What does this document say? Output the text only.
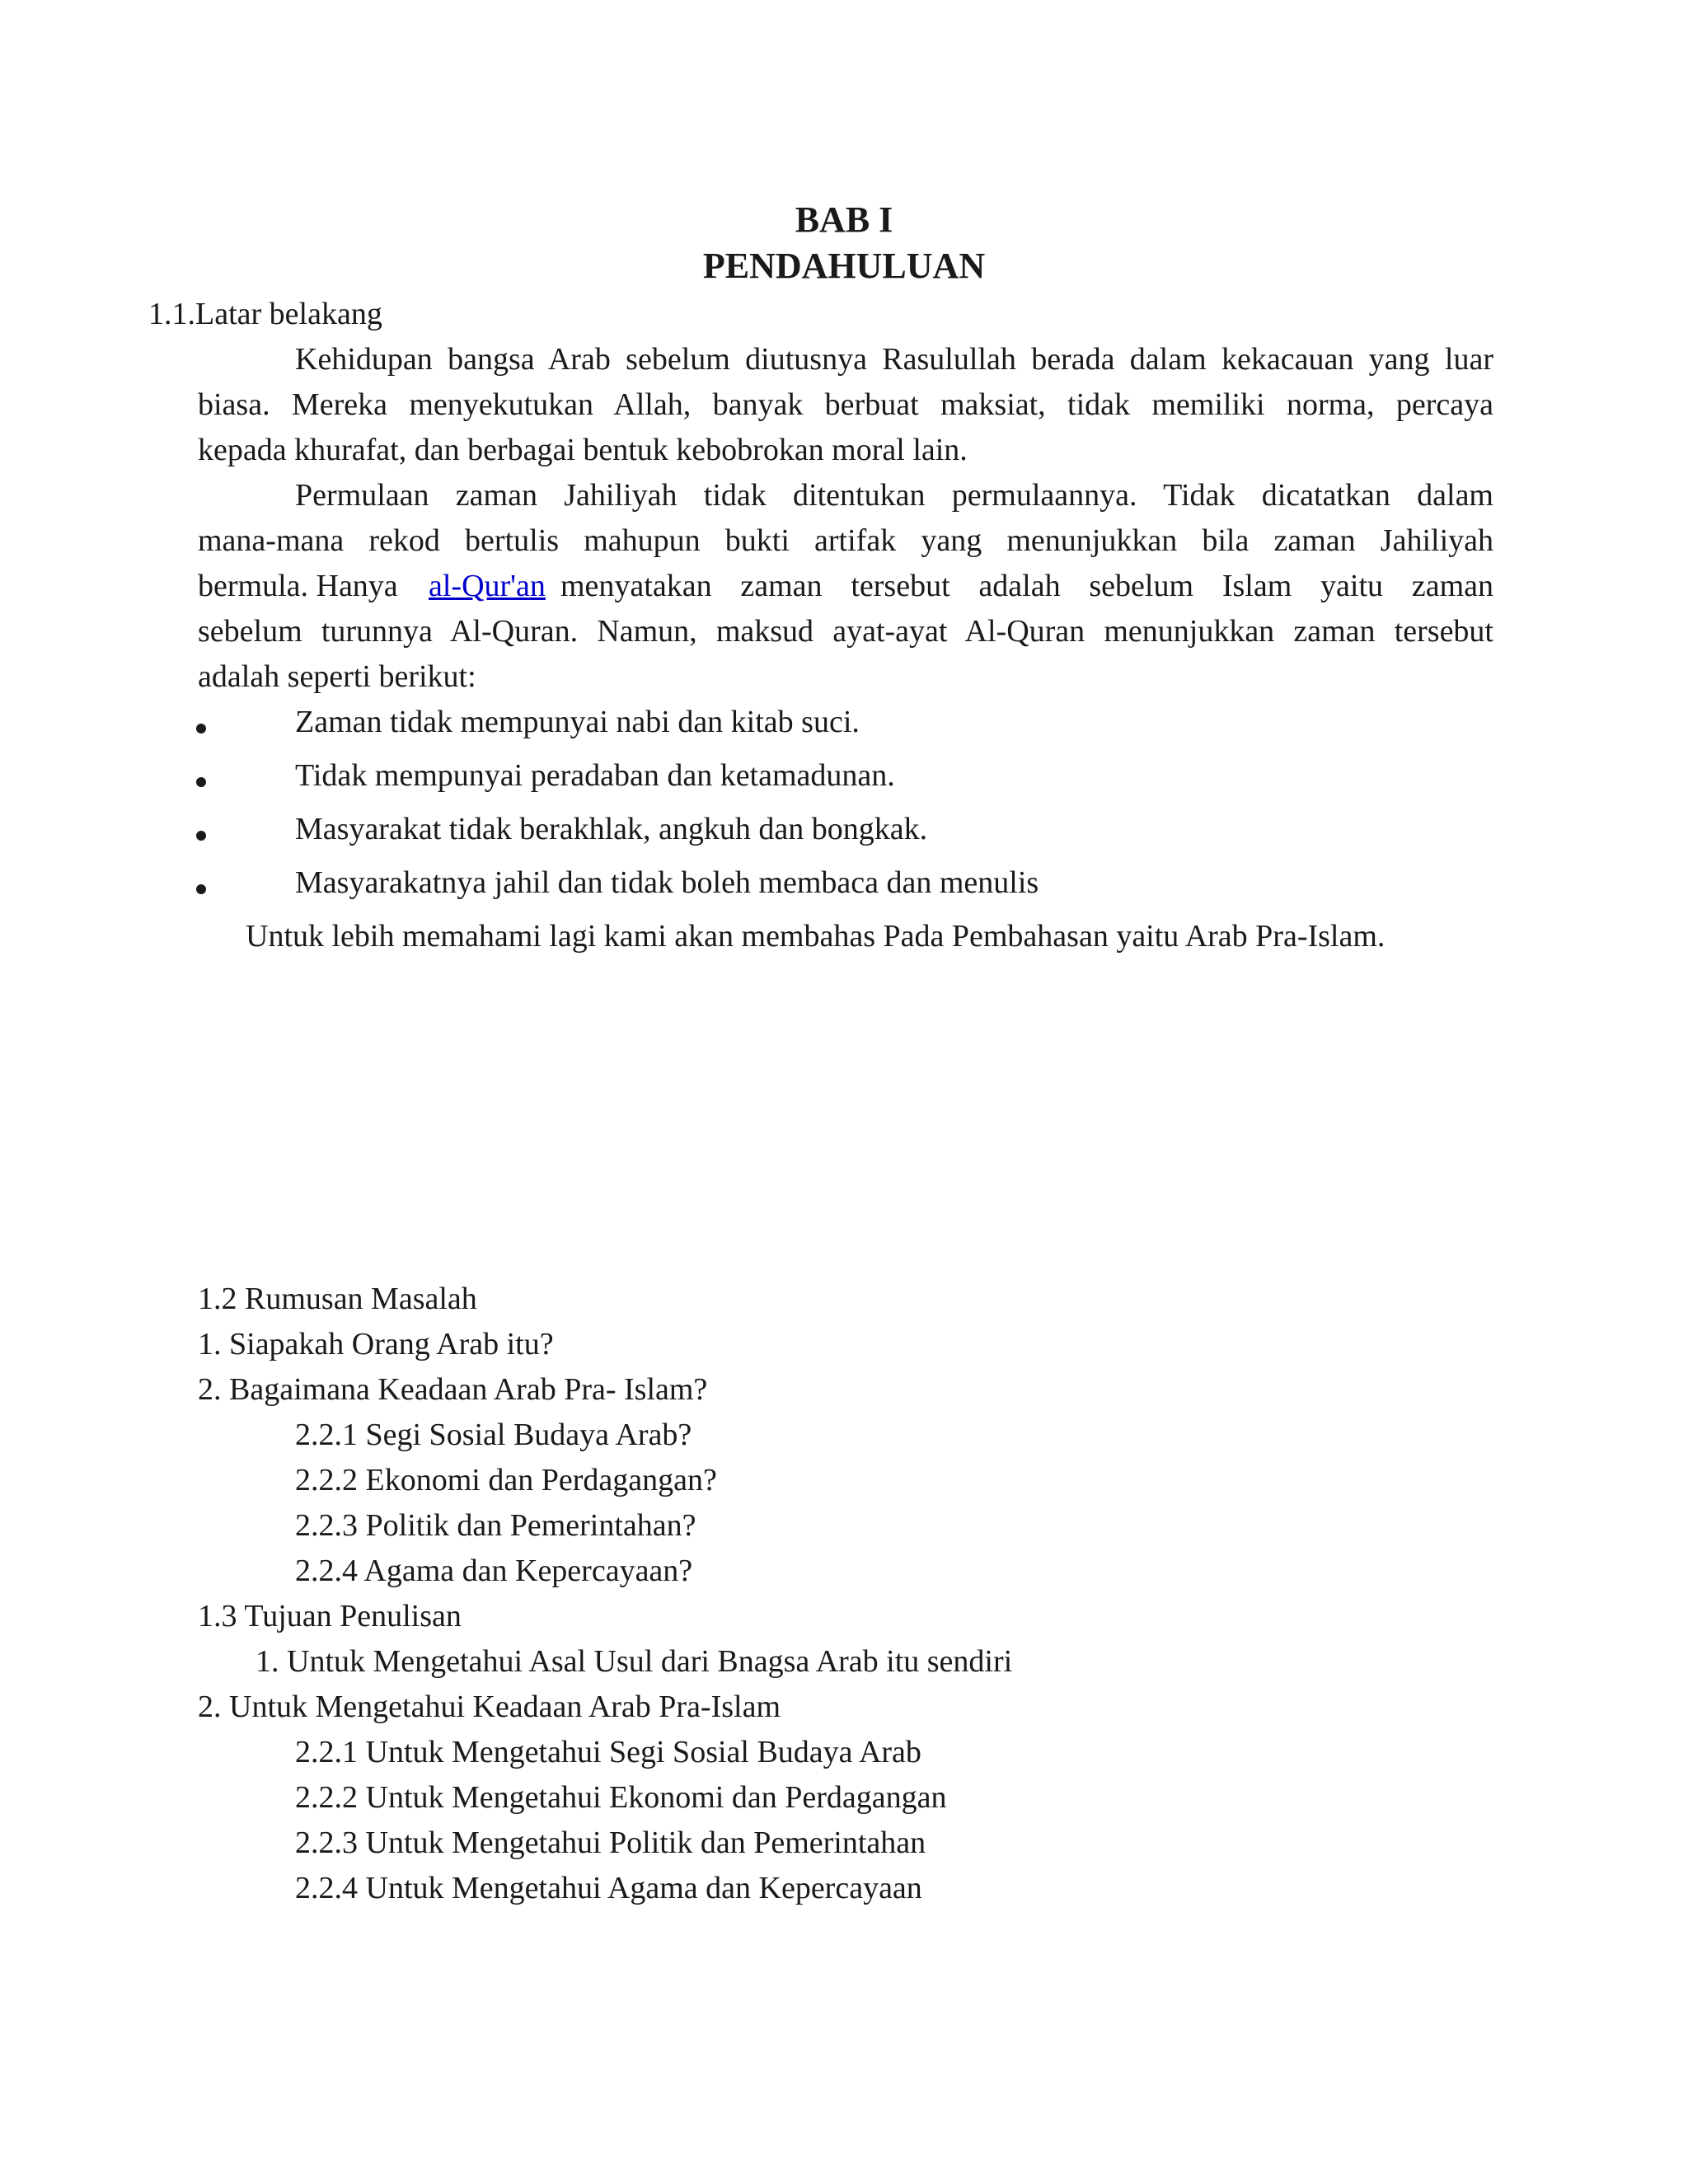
BAB I
PENDAHULUAN
1.1.Latar belakang
Kehidupan bangsa Arab sebelum diutusnya Rasulullah berada dalam kekacauan yang luar
biasa. Mereka menyekutukan Allah, banyak berbuat maksiat, tidak memiliki norma, percaya
kepada khurafat, dan berbagai bentuk kebobrokan moral lain.
Permulaan zaman Jahiliyah tidak ditentukan permulaannya. Tidak dicatatkan dalam
mana-mana rekod bertulis mahupun bukti artifak yang menunjukkan bila zaman Jahiliyah
bermula. Hanya al-Qur'an menyatakan zaman tersebut adalah sebelum Islam yaitu zaman
sebelum turunnya Al-Quran. Namun, maksud ayat-ayat Al-Quran menunjukkan zaman tersebut
adalah seperti berikut:
Zaman tidak mempunyai nabi dan kitab suci.
Tidak mempunyai peradaban dan ketamadunan.
Masyarakat tidak berakhlak, angkuh dan bongkak.
Masyarakatnya jahil dan tidak boleh membaca dan menulis
Untuk lebih memahami lagi kami akan membahas Pada Pembahasan yaitu Arab Pra-Islam.
1.2 Rumusan Masalah
1. Siapakah Orang Arab itu?
2. Bagaimana Keadaan Arab Pra- Islam?
2.2.1 Segi Sosial Budaya Arab?
2.2.2 Ekonomi dan Perdagangan?
2.2.3 Politik dan Pemerintahan?
2.2.4 Agama dan Kepercayaan?
1.3 Tujuan Penulisan
1. Untuk Mengetahui Asal Usul dari Bnagsa Arab itu sendiri
2. Untuk Mengetahui Keadaan Arab Pra-Islam
2.2.1 Untuk Mengetahui Segi Sosial Budaya Arab
2.2.2 Untuk Mengetahui Ekonomi dan Perdagangan
2.2.3 Untuk Mengetahui Politik dan Pemerintahan
2.2.4 Untuk Mengetahui Agama dan Kepercayaan
